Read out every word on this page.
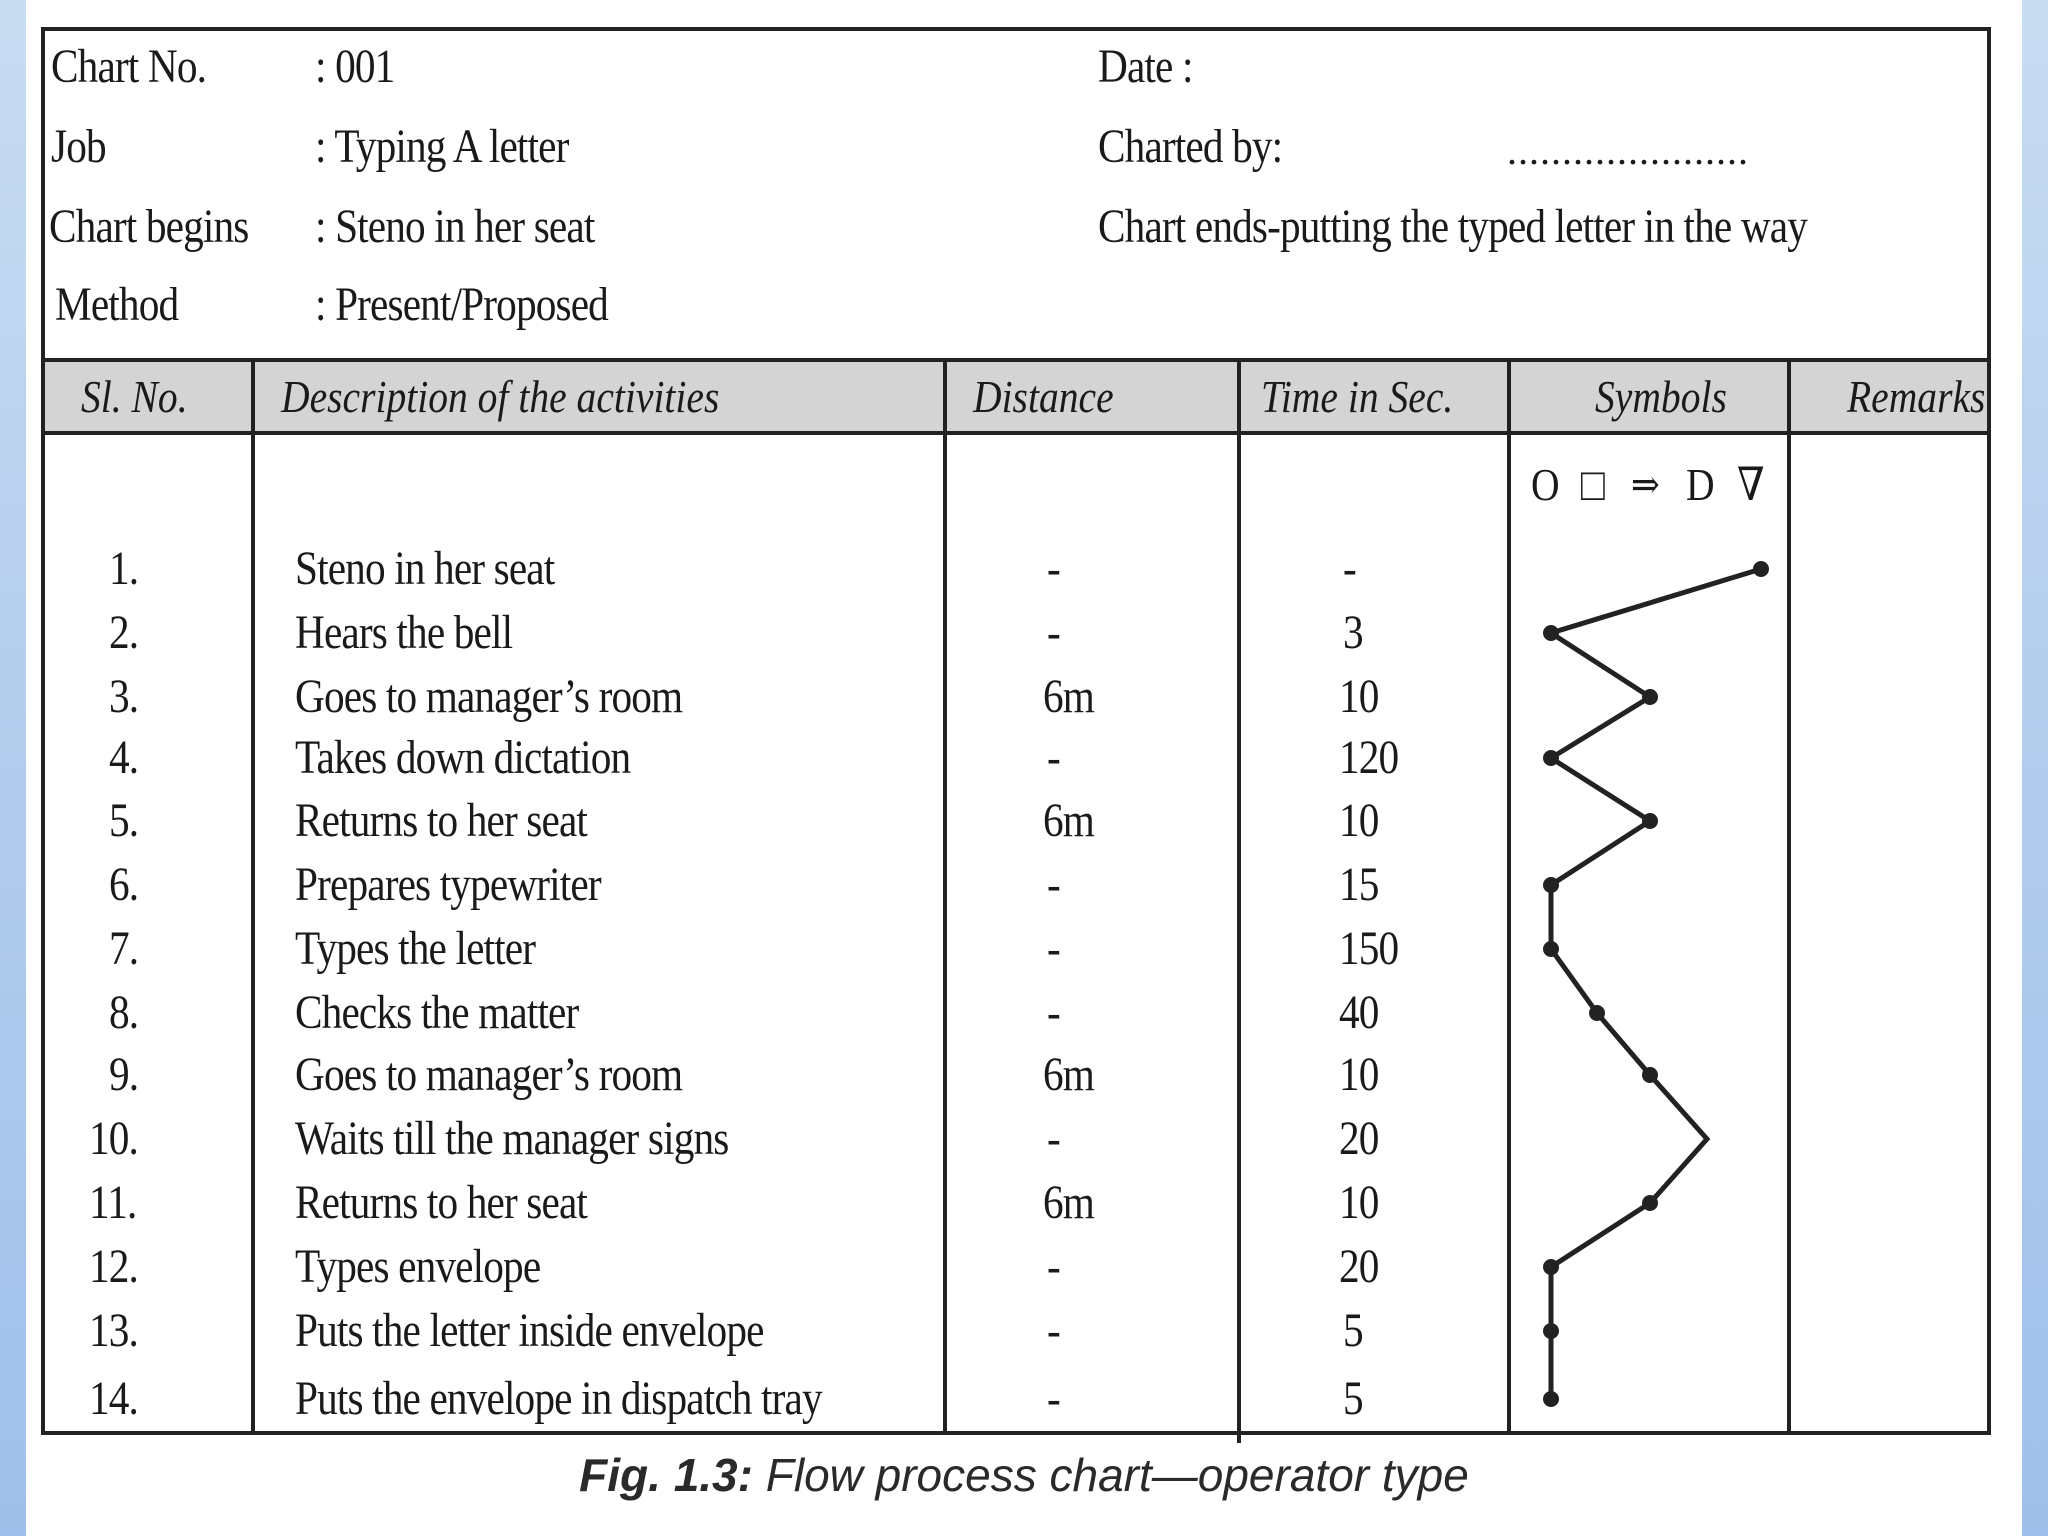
Chart No. : 001
Job	: Typing A letter
Chart begins : Steno in her seat
Method	: Present/Proposed
Date :
Charted by:	......................
Chart ends-putting the typed letter in the way
Sl. No. Description of the activities	Distance	Time in Sec.	Symbols	Remarks
O □ ⇒ D ∇
1.	Steno in her seat	-	-
2.	Hears the bell	-	3
3.	Goes to manager’s room	6m	10
4.	Takes down dictation	-	120
5.	Returns to her seat	6m	10
6.	Prepares typewriter	-	15
7.	Types the letter	-	150
8.	Checks the matter	-	40
9.	Goes to manager’s room	6m	10
10.	Waits till the manager signs	-	20
11.	Returns to her seat	6m	10
12.	Types envelope	-	20
13.	Puts the letter inside envelope	-	5
14.	Puts the envelope in dispatch tray	-	5
Fig. 1.3: Flow process chart—operator type
